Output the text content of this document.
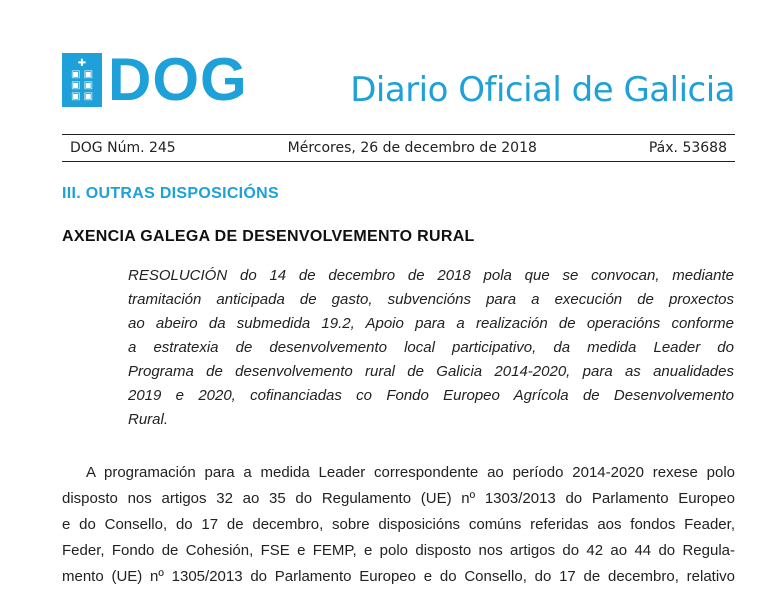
✚
▣ ▣
▣ ▣
▣ ▣ DOG	Diario Oficial de Galicia
DOG Núm. 245	Mércores, 26 de decembro de 2018	Páx. 53688
III. OUTRAS DISPOSICIÓNS
AXENCIA GALEGA DE DESENVOLVEMENTO RURAL

RESOLUCIÓN do 14 de decembro de 2018 pola que se convocan, mediante
tramitación anticipada de gasto, subvencións para a execución de proxectos
ao abeiro da submedida 19.2, Apoio para a realización de operacións conforme
a estratexia de desenvolvemento local participativo, da medida Leader do
Programa de desenvolvemento rural de Galicia 2014-2020, para as anualidades
2019 e 2020, cofinanciadas co Fondo Europeo Agrícola de Desenvolvemento
Rural.

A programación para a medida Leader correspondente ao período 2014-2020 rexese polo
disposto nos artigos 32 ao 35 do Regulamento (UE) nº 1303/2013 do Parlamento Europeo
e do Consello, do 17 de decembro, sobre disposicións comúns referidas aos fondos Feader,
Feder, Fondo de Cohesión, FSE e FEMP, e polo disposto nos artigos do 42 ao 44 do Regula-
mento (UE) nº 1305/2013 do Parlamento Europeo e do Consello, do 17 de decembro, relativo
